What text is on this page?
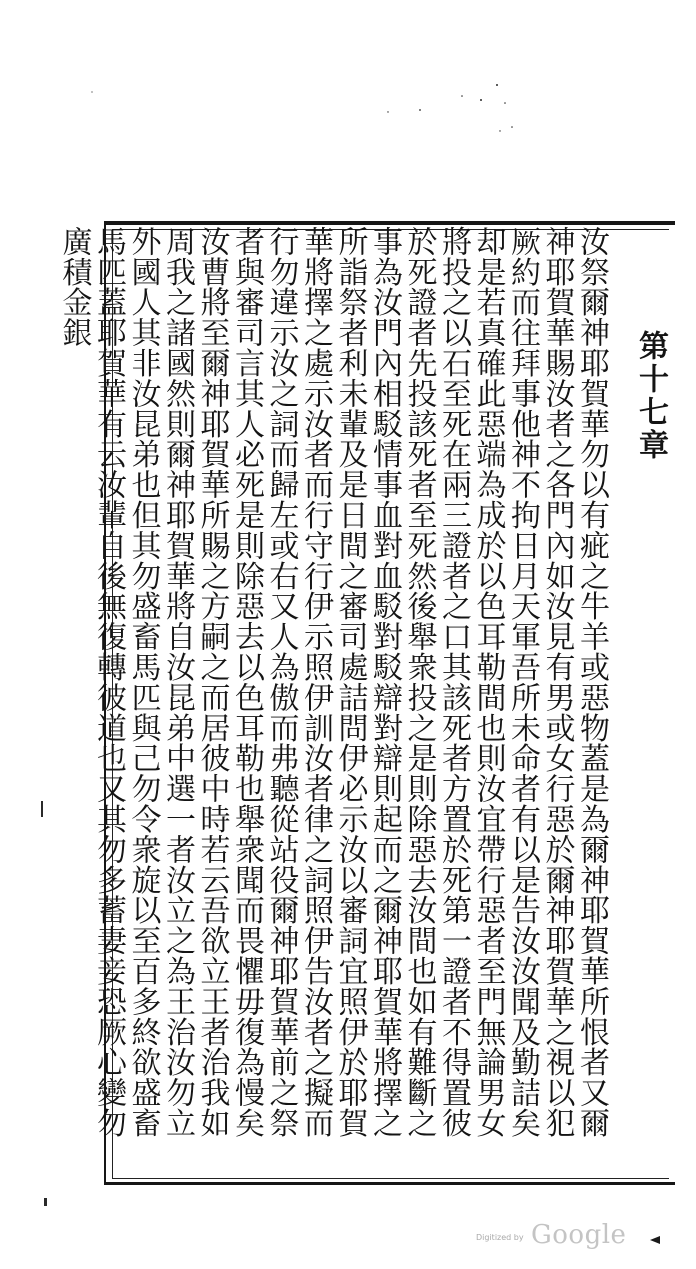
第十七章
汝祭爾神耶賀華勿以有疵之牛羊或惡物蓋是為爾神耶賀華所恨者又爾神耶賀華賜汝者之各門內如汝見有男或女行惡於爾神耶賀華之視以犯厥約而往拜事他神不拘日月天軍吾所未命者有以是告汝汝聞及勤詰矣却是若真確此惡端為成於以色耳勒間也則汝宜帶行惡者至門無論男女將投之以石至死在兩三證者之口其該死者方置於死第一證者不得置彼於死證者先投該死者至死然後舉衆投之是則除惡去汝間也如有難斷之事為汝門內相駁情事血對血駁對駁辯對辯則起而之爾神耶賀華將擇之所詣祭者利未輩及是日間之審司處詰問伊必示汝以審詞宜照伊於耶賀華將擇之處示汝者而行守行伊示照伊訓汝者律之詞照伊告汝者之擬而行勿違示汝之詞而歸左或右又人為傲而弗聽從站役爾神耶賀華前之祭者與審司言其人必死是則除惡去以色耳勒也舉衆聞而畏懼毋復為慢矣汝曹將至爾神耶賀華所賜之方嗣之而居彼中時若云吾欲立王者治我如周我之諸國然則爾神耶賀華將自汝昆弟中選一者汝立之為王治汝勿立外國人其非汝昆弟也但其勿盛畜馬匹與己勿令衆旋以至百多終欲盛畜馬匹蓋耶賀華有云汝輩自後無復轉彼道也又其勿多蓄妻妾恐厥心變勿廣積金銀
Digitized by Google
